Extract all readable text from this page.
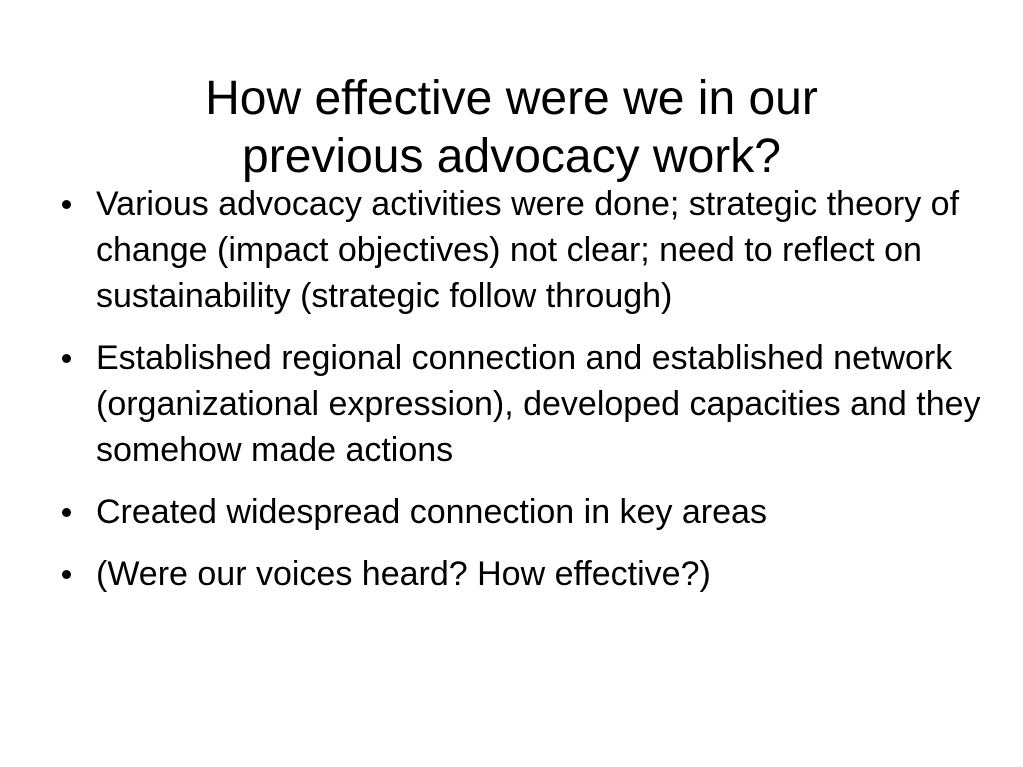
How effective were we in our
previous advocacy work?
Various advocacy activities were done; strategic theory of change (impact objectives) not clear; need to reflect on sustainability (strategic follow through)
Established regional connection and established network (organizational expression), developed capacities and they somehow made actions
Created widespread connection in key areas
(Were our voices heard? How effective?)
